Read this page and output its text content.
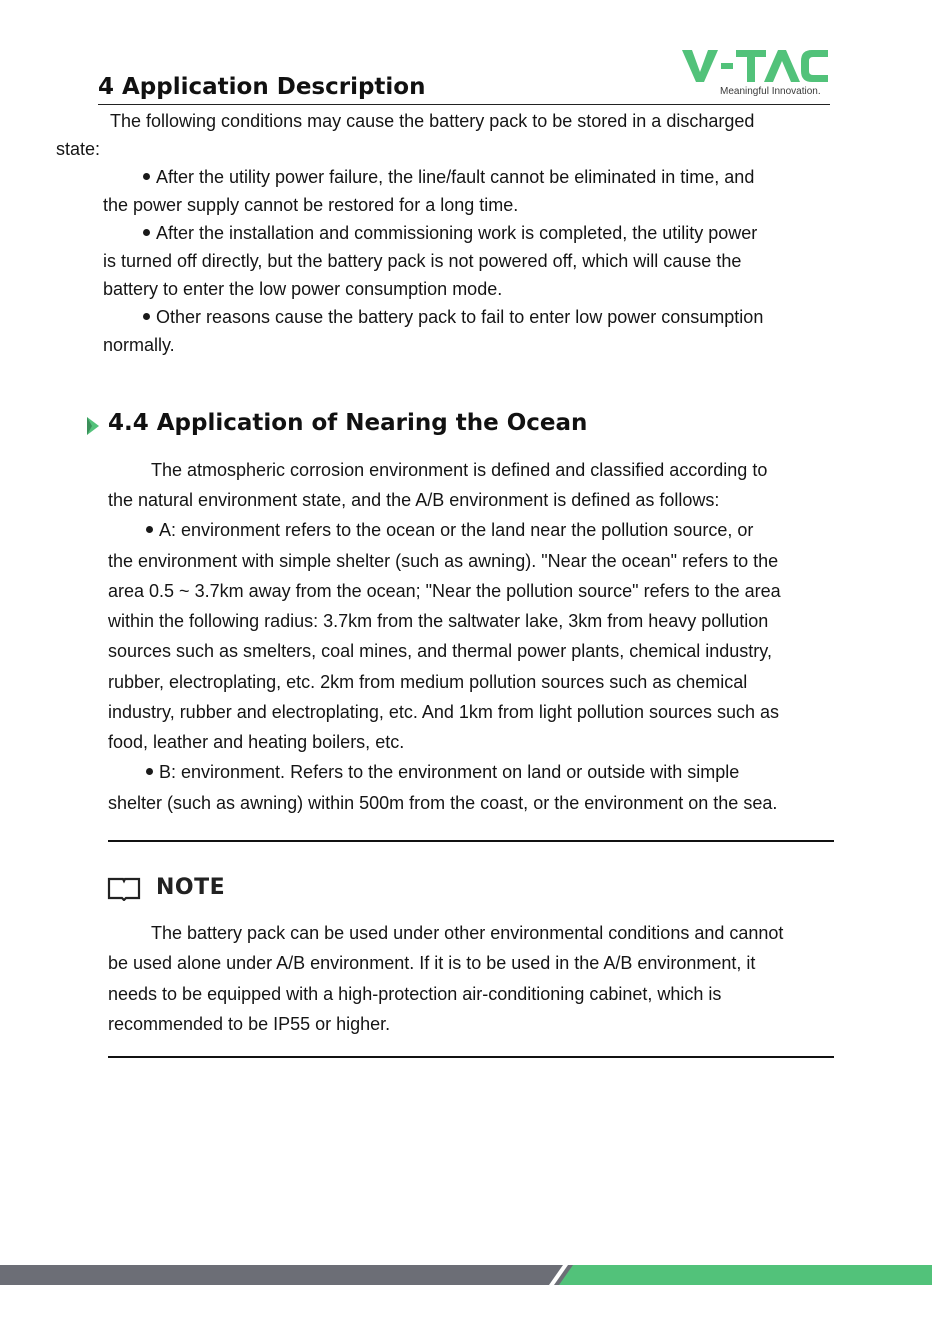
Meaningful Innovation.
4 Application Description
The following conditions may cause the battery pack to be stored in a discharged
state:
After the utility power failure, the line/fault cannot be eliminated in time, and
the power supply cannot be restored for a long time.
After the installation and commissioning work is completed, the utility power
is turned off directly, but the battery pack is not powered off, which will cause the
battery to enter the low power consumption mode.
Other reasons cause the battery pack to fail to enter low power consumption
normally.
4.4 Application of Nearing the Ocean
The atmospheric corrosion environment is defined and classified according to
the natural environment state, and the A/B environment is defined as follows:
A: environment refers to the ocean or the land near the pollution source, or
the environment with simple shelter (such as awning). "Near the ocean" refers to the
area 0.5 ~ 3.7km away from the ocean; "Near the pollution source" refers to the area
within the following radius: 3.7km from the saltwater lake, 3km from heavy pollution
sources such as smelters, coal mines, and thermal power plants, chemical industry,
rubber, electroplating, etc. 2km from medium pollution sources such as chemical
industry, rubber and electroplating, etc. And 1km from light pollution sources such as
food, leather and heating boilers, etc.
B: environment. Refers to the environment on land or outside with simple
shelter (such as awning) within 500m from the coast, or the environment on the sea.
NOTE
The battery pack can be used under other environmental conditions and cannot
be used alone under A/B environment. If it is to be used in the A/B environment, it
needs to be equipped with a high-protection air-conditioning cabinet, which is
recommended to be IP55 or higher.
